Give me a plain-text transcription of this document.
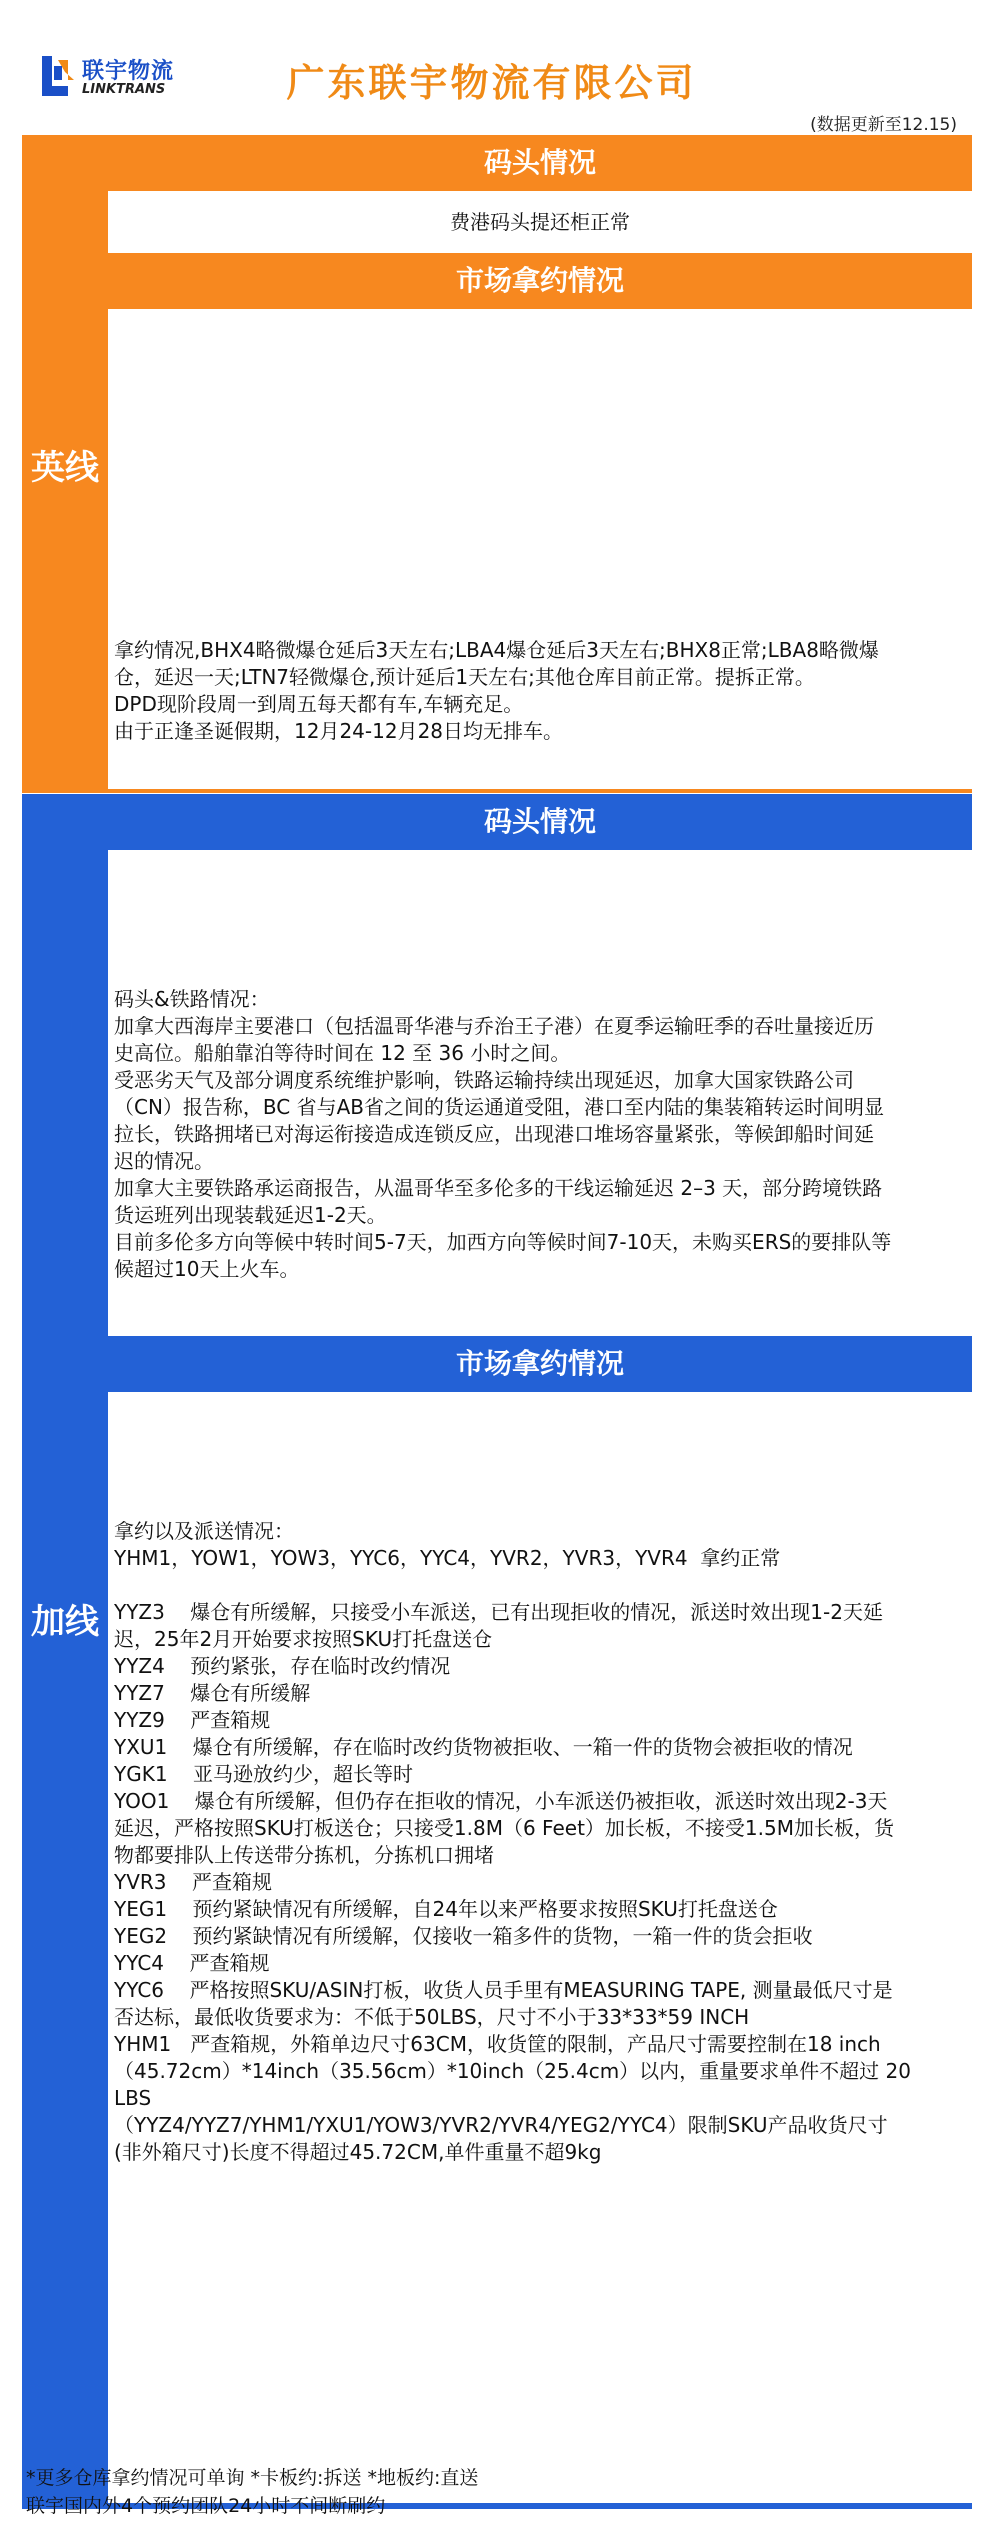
联宇物流
LINKTRANS	广东联宇物流有限公司
(数据更新至12.15)
英线
码头情况
费港码头提还柜正常
市场拿约情况
拿约情况,BHX4略微爆仓延后3天左右;LBA4爆仓延后3天左右;BHX8正常;LBA8略微爆
仓，延迟一天;LTN7轻微爆仓,预计延后1天左右;其他仓库目前正常。提拆正常。
DPD现阶段周一到周五每天都有车,车辆充足。
由于正逢圣诞假期，12月24-12月28日均无排车。
加线
码头情况
码头&铁路情况：
加拿大西海岸主要港口（包括温哥华港与乔治王子港）在夏季运输旺季的吞吐量接近历
史高位。船舶靠泊等待时间在 12 至 36 小时之间。
受恶劣天气及部分调度系统维护影响，铁路运输持续出现延迟，加拿大国家铁路公司
（CN）报告称，BC 省与AB省之间的货运通道受阻，港口至内陆的集装箱转运时间明显
拉长，铁路拥堵已对海运衔接造成连锁反应，出现港口堆场容量紧张，等候卸船时间延
迟的情况。
加拿大主要铁路承运商报告，从温哥华至多伦多的干线运输延迟 2–3 天，部分跨境铁路
货运班列出现装载延迟1-2天。
目前多伦多方向等候中转时间5-7天，加西方向等候时间7-10天，未购买ERS的要排队等
候超过10天上火车。
市场拿约情况
拿约以及派送情况：
YHM1，YOW1，YOW3，YYC6，YYC4，YVR2，YVR3，YVR4  拿约正常

YYZ3    爆仓有所缓解，只接受小车派送，已有出现拒收的情况，派送时效出现1-2天延
迟，25年2月开始要求按照SKU打托盘送仓
YYZ4    预约紧张，存在临时改约情况
YYZ7    爆仓有所缓解
YYZ9    严查箱规
YXU1    爆仓有所缓解，存在临时改约货物被拒收、一箱一件的货物会被拒收的情况
YGK1    亚马逊放约少，超长等时
YOO1    爆仓有所缓解，但仍存在拒收的情况，小车派送仍被拒收，派送时效出现2-3天
延迟，严格按照SKU打板送仓；只接受1.8M（6 Feet）加长板，不接受1.5M加长板，货
物都要排队上传送带分拣机，分拣机口拥堵
YVR3    严查箱规
YEG1    预约紧缺情况有所缓解，自24年以来严格要求按照SKU打托盘送仓
YEG2    预约紧缺情况有所缓解，仅接收一箱多件的货物，一箱一件的货会拒收
YYC4    严查箱规
YYC6    严格按照SKU/ASIN打板，收货人员手里有MEASURING TAPE, 测量最低尺寸是
否达标，最低收货要求为：不低于50LBS，尺寸不小于33*33*59 INCH
YHM1   严查箱规，外箱单边尺寸63CM，收货筐的限制，产品尺寸需要控制在18 inch
（45.72cm）*14inch（35.56cm）*10inch（25.4cm）以内，重量要求单件不超过 20
LBS
（YYZ4/YYZ7/YHM1/YXU1/YOW3/YVR2/YVR4/YEG2/YYC4）限制SKU产品收货尺寸
(非外箱尺寸)长度不得超过45.72CM,单件重量不超9kg
*更多仓库拿约情况可单询 *卡板约:拆送 *地板约:直送
联宇国内外4个预约团队24小时不间断刷约
